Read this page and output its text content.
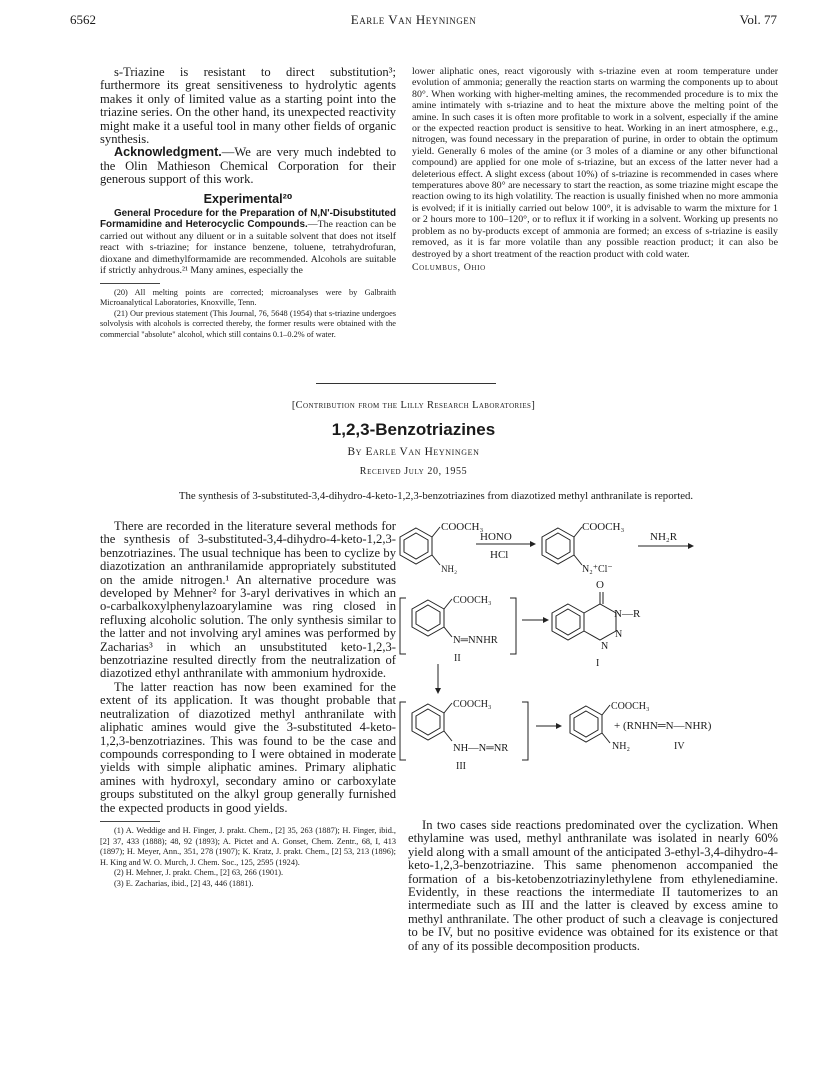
6562	Earle Van Heyningen	Vol. 77

s-Triazine is resistant to direct substitution³; furthermore its great sensitiveness to hydrolytic agents makes it only of limited value as a starting point into the triazine series. On the other hand, its unexpected reactivity might make it a useful tool in many other fields of organic synthesis.

Acknowledgment.—We are very much indebted to the Olin Mathieson Chemical Corporation for their generous support of this work.

Experimental²⁰

General Procedure for the Preparation of N,N'-Disubstituted Formamidine and Heterocyclic Compounds.—The reaction can be carried out without any diluent or in a suitable solvent that does not itself react with s-triazine; for instance benzene, toluene, tetrahydrofuran, dioxane and dimethylformamide are recommended. Alcohols are suitable if strictly anhydrous.²¹ Many amines, especially the

(20) All melting points are corrected; microanalyses were by Galbraith Microanalytical Laboratories, Knoxville, Tenn.

(21) Our previous statement (This Journal, 76, 5648 (1954) that s-triazine undergoes solvolysis with alcohols is corrected thereby, the former results were obtained with the commercial "absolute" alcohol, which still contains 0.1–0.2% of water.

lower aliphatic ones, react vigorously with s-triazine even at room temperature under evolution of ammonia; generally the reaction starts on warming the components up to about 80°. When working with higher-melting amines, the recommended procedure is to mix the amine intimately with s-triazine and to heat the mixture above the melting point of the amine. In such cases it is often more profitable to work in a solvent, especially if the amine or the expected reaction product is sensitive to heat. Working in an inert atmosphere, e.g., nitrogen, was found necessary in the preparation of purine, in order to obtain the optimum yield. Generally 6 moles of the amine (or 3 moles of a diamine or any other bifunctional compound) are applied for one mole of s-triazine, but an excess of the latter never had a deleterious effect. A slight excess (about 10%) of s-triazine is recommended in cases where temperatures above 80° are necessary to start the reaction, as some triazine might escape the reaction owing to its high volatility. The reaction is usually finished when no more ammonia is evolved; if it is initially carried out below 100°, it is advisable to warm the mixture for 1 or 2 hours more to 100–120°, or to reflux it if working in a solvent. Working up presents no problem as no by-products except of ammonia are formed; an excess of s-triazine is easily removed, as it is far more volatile than any possible reaction product; it can also be destroyed by a short treatment of the reaction product with cold water.

Columbus, Ohio

[Contribution from the Lilly Research Laboratories]
1,2,3-Benzotriazines
By Earle Van Heyningen
Received July 20, 1955
The synthesis of 3-substituted-3,4-dihydro-4-keto-1,2,3-benzotriazines from diazotized methyl anthranilate is reported.

There are recorded in the literature several methods for the synthesis of 3-substituted-3,4-dihydro-4-keto-1,2,3-benzotriazines. The usual technique has been to cyclize by diazotization an anthranilamide appropriately substituted on the amide nitrogen.¹ An alternative procedure was developed by Mehner² for 3-aryl derivatives in which an o-carbalkoxylphenylazoarylamine was ring closed in refluxing alcoholic solution. The only synthesis similar to the latter and not involving aryl amines was performed by Zacharias³ in which an unsubstituted keto-1,2,3-benzotriazine resulted directly from the neutralization of diazotized ethyl anthranilate with ammonium hydroxide.

The latter reaction has now been examined for the extent of its application. It was thought probable that neutralization of diazotized methyl anthranilate with aliphatic amines would give the 3-substituted 4-keto-1,2,3-benzotriazines. This was found to be the case and compounds corresponding to I were obtained in moderate yields with simple aliphatic amines. Primary aliphatic amines with hydroxyl, secondary amino or carboxylate groups substituted on the alkyl group generally furnished the expected products in good yields.

(1) A. Weddige and H. Finger, J. prakt. Chem., [2] 35, 263 (1887); H. Finger, ibid., [2] 37, 433 (1888); 48, 92 (1893); A. Pictet and A. Gonset, Chem. Zentr., 68, I, 413 (1897); H. Meyer, Ann., 351, 278 (1907); K. Kratz, J. prakt. Chem., [2] 53, 213 (1896); H. King and W. O. Murch, J. Chem. Soc., 125, 2595 (1924).

(2) H. Mehner, J. prakt. Chem., [2] 63, 266 (1901).

(3) E. Zacharias, ibid., [2] 43, 446 (1881).

COOCH₃
NH₂
HONO
HCl
COOCH₃
N₂⁺Cl⁻
NH₂R
COOCH₃
N═NNHR
II
O
N—R
N
N
I
COOCH₃
NH—N═NR
III
COOCH₃
NH₂
+ (RNHN═N—NHR)
IV

In two cases side reactions predominated over the cyclization. When ethylamine was used, methyl anthranilate was isolated in nearly 60% yield along with a small amount of the anticipated 3-ethyl-3,4-dihydro-4-keto-1,2,3-benzotriazine. This same phenomenon accompanied the formation of a bis-ketobenzotriazinylethylene from ethylenediamine. Evidently, in these reactions the intermediate II tautomerizes to an intermediate such as III and the latter is cleaved by excess amine to methyl anthranilate. The other product of such a cleavage is conjectured to be IV, but no positive evidence was obtained for its existence or that of any of its possible decomposition products.
